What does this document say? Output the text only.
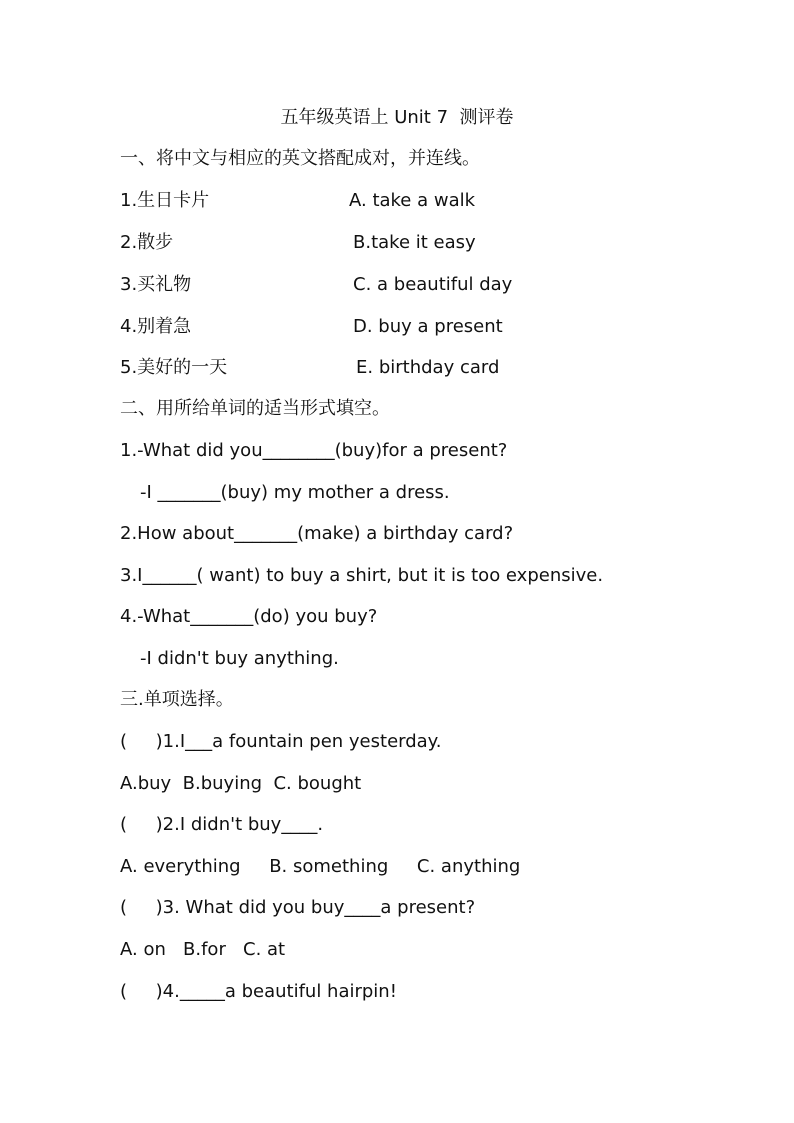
五年级英语上 Unit 7  测评卷
一、将中文与相应的英文搭配成对，并连线。
1.生日卡片	A. take a walk
2.散步	B.take it easy
3.买礼物	C. a beautiful day
4.别着急	D. buy a present
5.美好的一天	E. birthday card
二、用所给单词的适当形式填空。
1.-What did you________(buy)for a present?
-I _______(buy) my mother a dress.
2.How about_______(make) a birthday card?
3.I______( want) to buy a shirt, but it is too expensive.
4.-What_______(do) you buy?
-I didn't buy anything.
三.单项选择。
(     )1.I___a fountain pen yesterday.
A.buy  B.buying  C. bought
(     )2.I didn't buy____.
A. everything     B. something     C. anything
(     )3. What did you buy____a present?
A. on   B.for   C. at
(     )4._____a beautiful hairpin!
